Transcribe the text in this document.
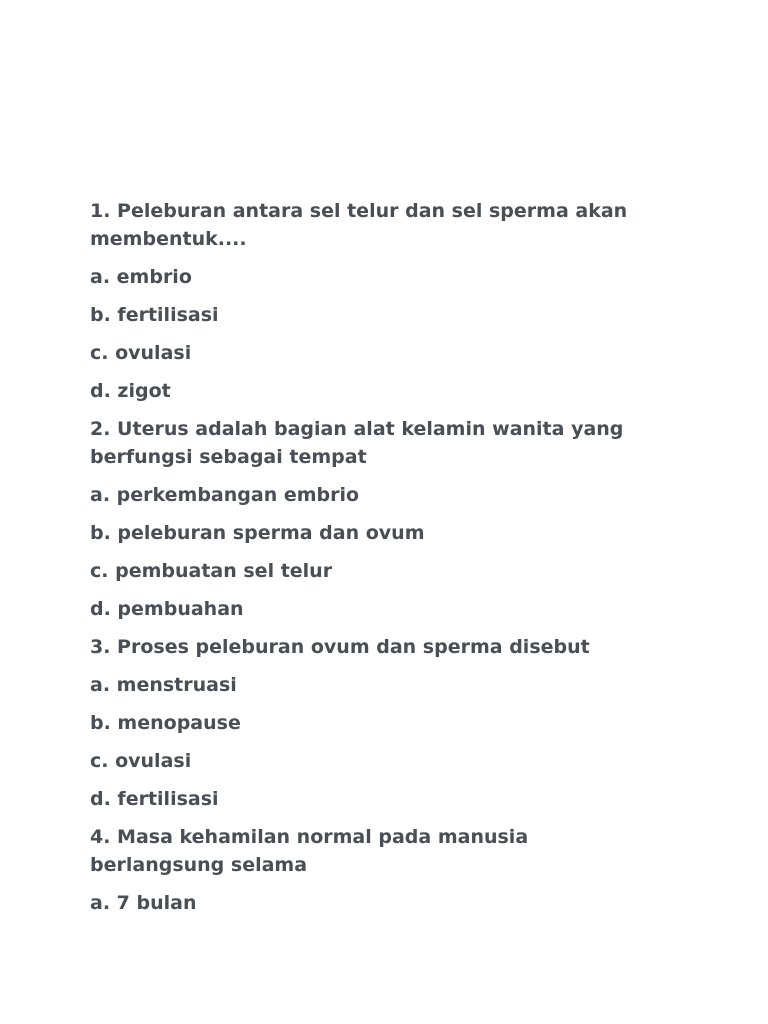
1. Peleburan antara sel telur dan sel sperma akan membentuk....

a. embrio

b. fertilisasi

c. ovulasi

d. zigot

2. Uterus adalah bagian alat kelamin wanita yang berfungsi sebagai tempat

a. perkembangan embrio

b. peleburan sperma dan ovum

c. pembuatan sel telur

d. pembuahan

3. Proses peleburan ovum dan sperma disebut

a. menstruasi

b. menopause

c. ovulasi

d. fertilisasi

4. Masa kehamilan normal pada manusia berlangsung selama

a. 7 bulan
